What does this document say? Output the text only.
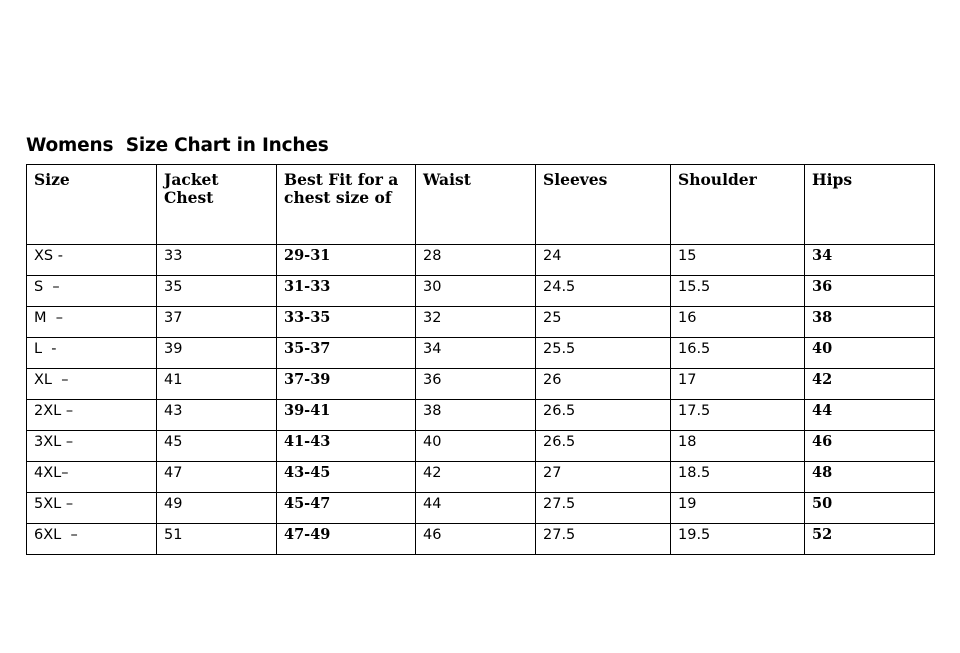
Womens  Size Chart in Inches
Size	Jacket Chest	Best Fit for a chest size of	Waist	Sleeves	Shoulder	Hips
XS -	33	29-31	28	24	15	34
S  –	35	31-33	30	24.5	15.5	36
M  –	37	33-35	32	25	16	38
L  -	39	35-37	34	25.5	16.5	40
XL  –	41	37-39	36	26	17	42
2XL –	43	39-41	38	26.5	17.5	44
3XL –	45	41-43	40	26.5	18	46
4XL–	47	43-45	42	27	18.5	48
5XL –	49	45-47	44	27.5	19	50
6XL  –	51	47-49	46	27.5	19.5	52
